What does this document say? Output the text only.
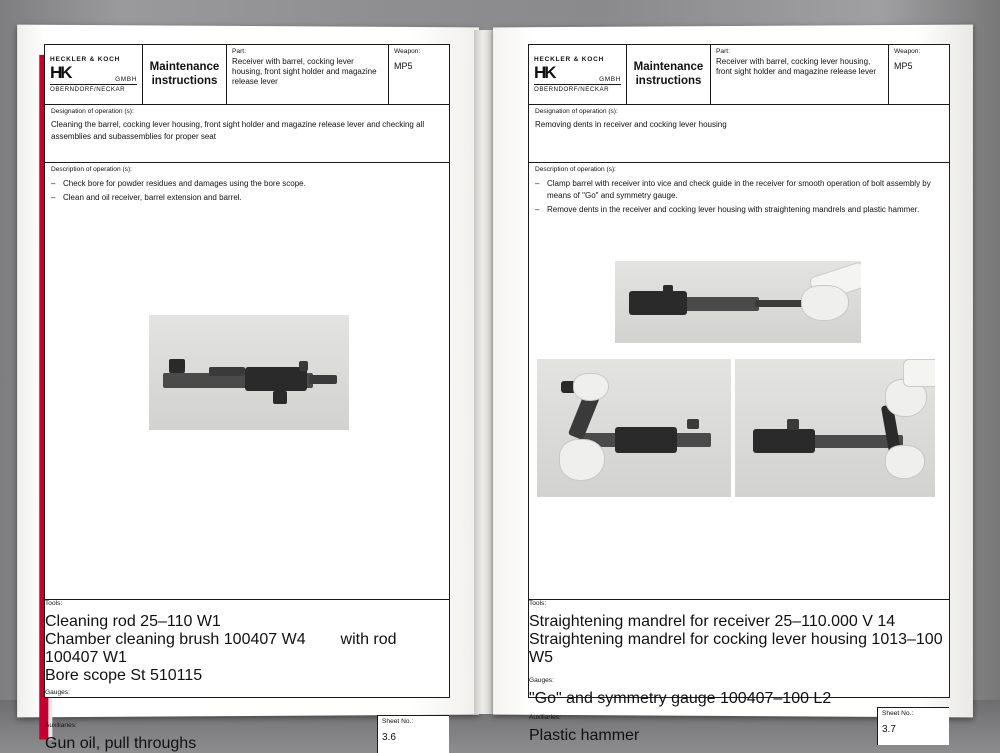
HECKLER & KOCH
HK	GMBH
OBERNDORF/NECKAR
Maintenance instructions
Part:
Receiver with barrel, cocking lever housing, front sight holder and magazine release lever
Weapon:
MP5
Designation of operation (s):
Cleaning the barrel, cocking lever housing, front sight holder and magazine release lever and checking all assemblies and subassemblies for proper seat
Description of operation (s):
– Check bore for powder residues and damages using the bore scope.
– Clean and oil receiver, barrel extension and barrel.
Tools:
Cleaning rod 25–110 W1
Chamber cleaning brush 100407 W4 with rod 100407 W1
Bore scope St 510115
Gauges:
Auxiliaries:
Gun oil, pull throughs
Sheet No.:
3.6
HECKLER & KOCH
HK	GMBH
OBERNDORF/NECKAR
Maintenance instructions
Part:
Receiver with barrel, cocking lever housing, front sight holder and magazine release lever
Weapon:
MP5
Designation of operation (s):
Removing dents in receiver and cocking lever housing
Description of operation (s):
– Clamp barrel with receiver into vice and check guide in the receiver for smooth operation of bolt assembly by means of "Go" and symmetry gauge.
– Remove dents in the receiver and cocking lever housing with straightening mandrels and plastic hammer.
Tools:
Straightening mandrel for receiver 25–110.000 V 14
Straightening mandrel for cocking lever housing 1013–100 W5
Gauges:
"Go" and symmetry gauge 100407–100 L2
Auxiliaries:
Plastic hammer
Sheet No.:
3.7
